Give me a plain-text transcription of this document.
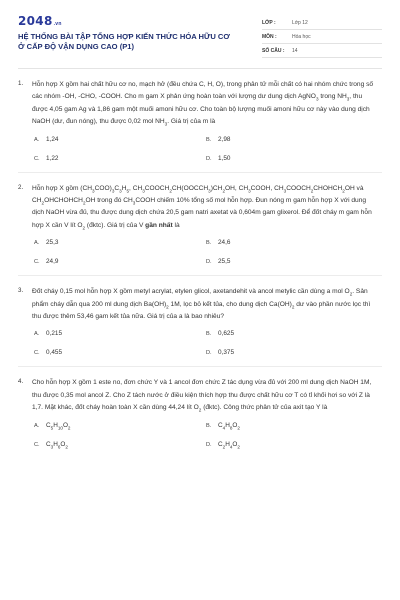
2048 .vn
HỆ THỐNG BÀI TẬP TỔNG HỢP KIẾN THỨC HÓA HỮU CƠ
Ở CẤP ĐỘ VẬN DỤNG CAO (P1)
LỚP :	Lớp 12
MÔN :	Hóa học
SỐ CÂU :	14
1.	Hỗn hợp X gồm hai chất hữu cơ no, mạch hở (đều chứa C, H, O), trong phân tử mỗi chất có hai nhóm chức trong số các nhóm -OH, -CHO, -COOH. Cho m gam X phản ứng hoàn toàn với lượng dư dung dịch AgNO$_3$ trong $NH_3$, thu được 4,05 gam Ag và 1,86 gam một muối amoni hữu cơ. Cho toàn bộ lượng muối amoni hữu cơ này vào dung dịch NaOH (dư, đun nóng), thu được 0,02 mol $NH_3$. Giá trị của m là
A.	1,24	B.	2,98
C.	1,22	D.	1,50
2.	Hỗn hợp X gồm $(CH_3COO)_3C_3H_5$, $CH_3COOCH_2CH(OOCCH_3)CH_2OH$, $CH_3COOH$, $CH_3COOCH_2CHOHCH_2OH$ và $CH_2OHCHOHCH_2OH$ trong đó $CH_3COOH$ chiếm 10% tổng số mol hỗn hợp. Đun nóng m gam hỗn hợp X với dung dịch NaOH vừa đủ, thu được dung dịch chứa 20,5 gam natri axetat và 0,604m gam glixerol. Để đốt cháy m gam hỗn hợp X cần V lít $O_2$ (đktc). Giá trị của V gần nhất là
A.	25,3	B.	24,6
C.	24,9	D.	25,5
3.	Đốt cháy 0,15 mol hỗn hợp X gồm metyl acrylat, etylen glicol, axetandehit và ancol metylic cần dùng a mol $O_2$. Sản phẩm cháy dẫn qua 200 ml dung dịch $Ba(OH)_2$ 1M, lọc bỏ kết tủa, cho dung dịch $Ca(OH)_2$ dư vào phần nước lọc thì thu được thêm 53,46 gam kết tủa nữa. Giá trị của a là bao nhiêu?
A.	0,215	B.	0,625
C.	0,455	D.	0,375
4.	Cho hỗn hợp X gồm 1 este no, đơn chức Y và 1 ancol đơn chức Z tác dụng vừa đủ với 200 ml dung dịch NaOH 1M, thu được 0,35 mol ancol Z. Cho Z tách nước ở điều kiện thích hợp thu được chất hữu cơ T có tỉ khối hơi so với Z là 1,7. Mặt khác, đốt cháy hoàn toàn X cần dùng 44,24 lít $O_2$ (đktc). Công thức phân tử của axit tạo Y là
A.	$C_5H_{10}O_2$	B.	$C_4H_8O_2$
C.	$C_3H_6O_2$	D.	$C_2H_4O_2$
